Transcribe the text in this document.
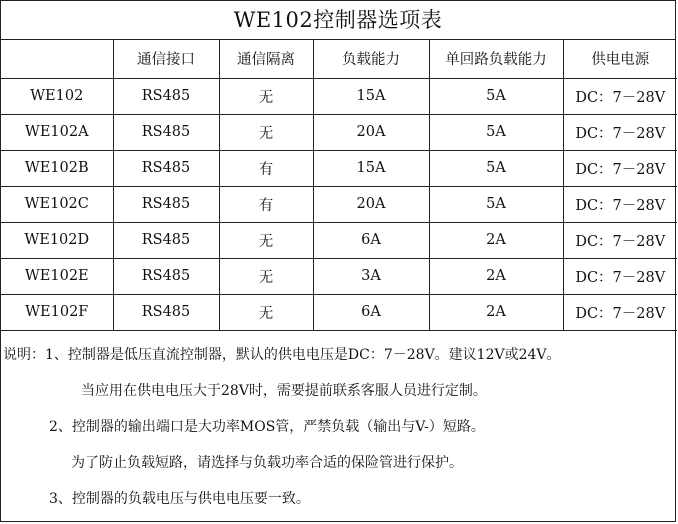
WE102控制器选项表
	通信接口	通信隔离	负载能力	单回路负载能力	供电电源
WE102	RS485	无	15A	5A	DC：7－28V
WE102A	RS485	无	20A	5A	DC：7－28V
WE102B	RS485	有	15A	5A	DC：7－28V
WE102C	RS485	有	20A	5A	DC：7－28V
WE102D	RS485	无	6A	2A	DC：7－28V
WE102E	RS485	无	3A	2A	DC：7－28V
WE102F	RS485	无	6A	2A	DC：7－28V
说明：1、控制器是低压直流控制器，默认的供电电压是DC：7－28V。建议12V或24V。
当应用在供电电压大于28V时，需要提前联系客服人员进行定制。
2、控制器的输出端口是大功率MOS管，严禁负载（输出与V-）短路。
为了防止负载短路，请选择与负载功率合适的保险管进行保护。
3、控制器的负载电压与供电电压要一致。
